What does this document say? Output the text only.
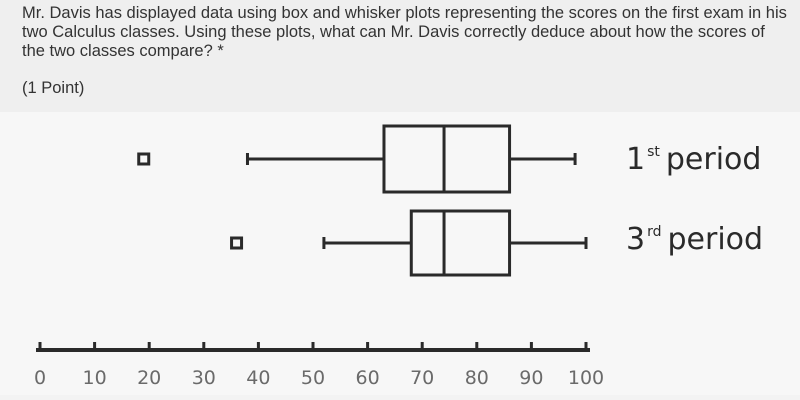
Mr. Davis has displayed data using box and whisker plots representing the scores on the first exam in his two Calculus classes. Using these plots, what can Mr. Davis correctly deduce about how the scores of the two classes compare? *
(1 Point)
1 $^{st}$ period
3 $^{rd}$ period
0 10 20 30 40 50 60 70 80 90 100
